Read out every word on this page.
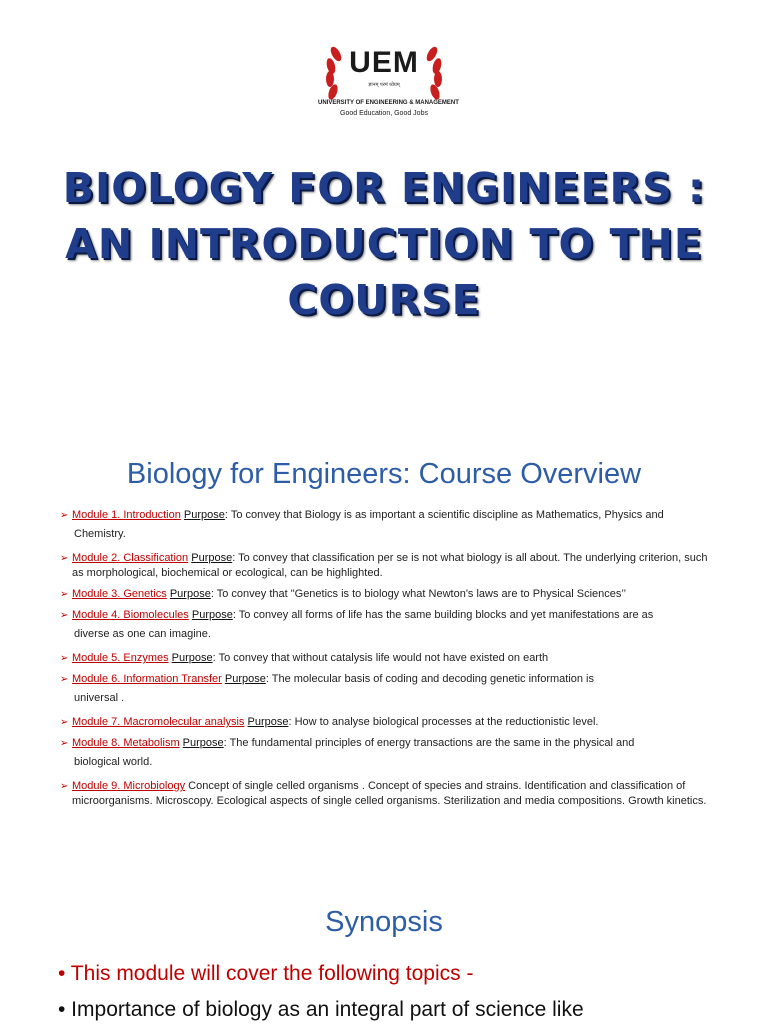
UEM
ज्ञानम् परमं ध्येयम्
UNIVERSITY OF ENGINEERING & MANAGEMENT
Good Education, Good Jobs
BIOLOGY FOR ENGINEERS :
AN INTRODUCTION TO THE
COURSE
Biology for Engineers: Course Overview
➢ Module 1. Introduction Purpose: To convey that Biology is as important a scientific discipline as Mathematics, Physics and
Chemistry.
➢ Module 2. Classification Purpose: To convey that classification per se is not what biology is all about. The underlying criterion, such as morphological, biochemical or ecological, can be highlighted.
➢ Module 3. Genetics Purpose: To convey that "Genetics is to biology what Newton's laws are to Physical Sciences’’
➢ Module 4. Biomolecules Purpose: To convey all forms of life has the same building blocks and yet manifestations are as
diverse as one can imagine.
➢ Module 5. Enzymes Purpose: To convey that without catalysis life would not have existed on earth
➢ Module 6. Information Transfer Purpose: The molecular basis of coding and decoding genetic information is
universal .
➢ Module 7. Macromolecular analysis Purpose: How to analyse biological processes at the reductionistic level.
➢ Module 8. Metabolism Purpose: The fundamental principles of energy transactions are the same in the physical and
biological world.
➢ Module 9. Microbiology Concept of single celled organisms . Concept of species and strains. Identification and classification of microorganisms. Microscopy. Ecological aspects of single celled organisms. Sterilization and media compositions. Growth kinetics.
Synopsis
• This module will cover the following topics -
• Importance of biology as an integral part of science like
